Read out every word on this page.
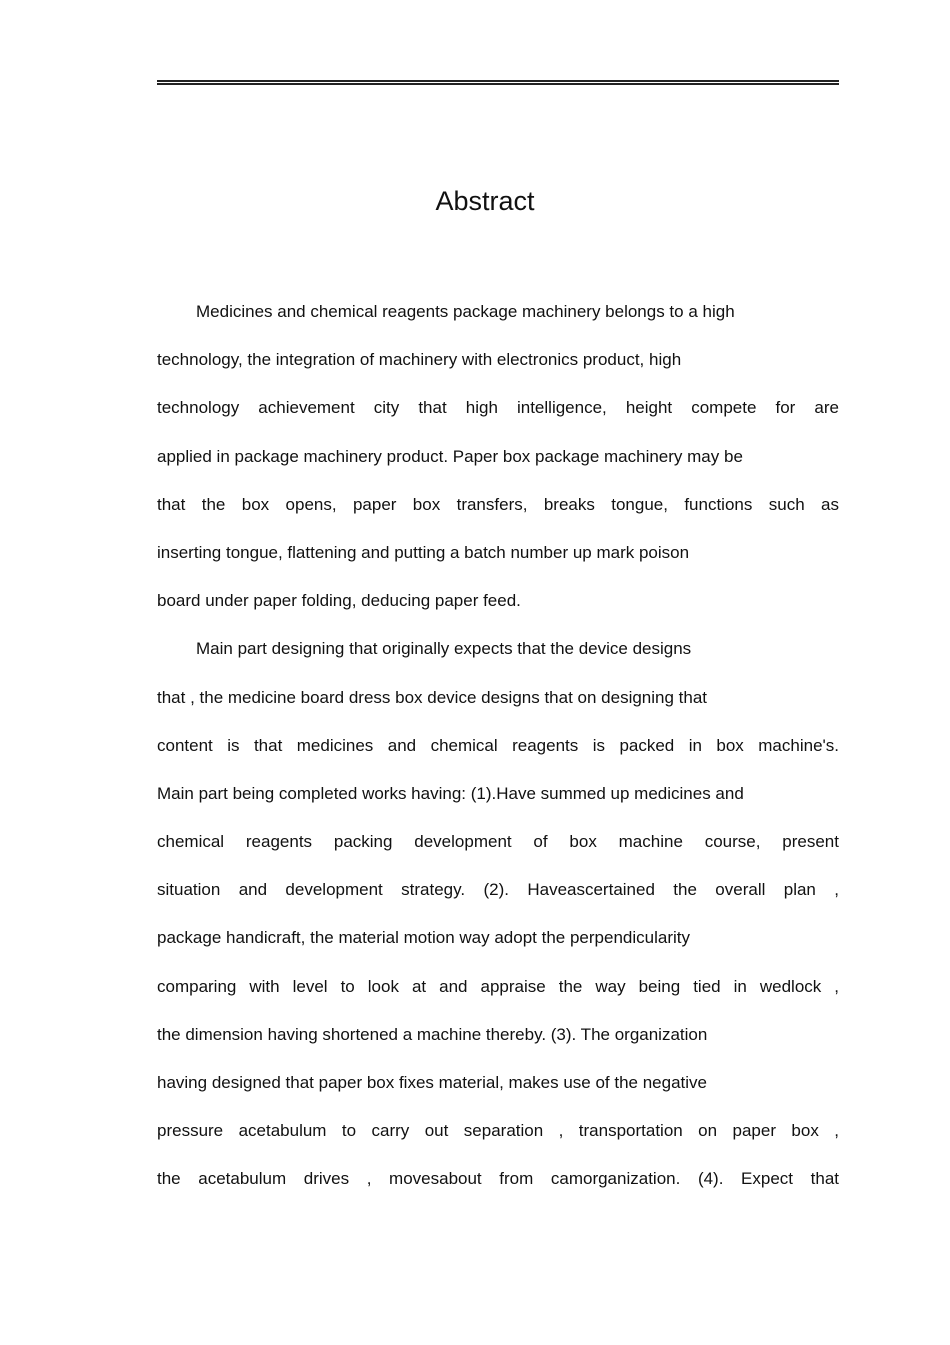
Abstract
Medicines and chemical reagents package machinery belongs to a high
technology, the integration of machinery with electronics product, high
technology achievement city that high intelligence, height compete for are
applied in package machinery product. Paper box package machinery may be
that the box opens, paper box transfers, breaks tongue, functions such as
inserting tongue, flattening and putting a batch number up mark poison
board under paper folding, deducing paper feed.
Main part designing that originally expects that the device designs
that , the medicine board dress box device designs that on designing that
content is that medicines and chemical reagents is packed in box machine's.
Main part being completed works having: (1).Have summed up medicines and
chemical reagents packing development of box machine course, present
situation and development strategy. (2). Haveascertained the overall plan ,
package handicraft, the material motion way adopt the perpendicularity
comparing with level to look at and appraise the way being tied in wedlock ,
the dimension having shortened a machine thereby. (3). The organization
having designed that paper box fixes material, makes use of the negative
pressure acetabulum to carry out separation , transportation on paper box ,
the acetabulum drives , movesabout from camorganization. (4). Expect that
